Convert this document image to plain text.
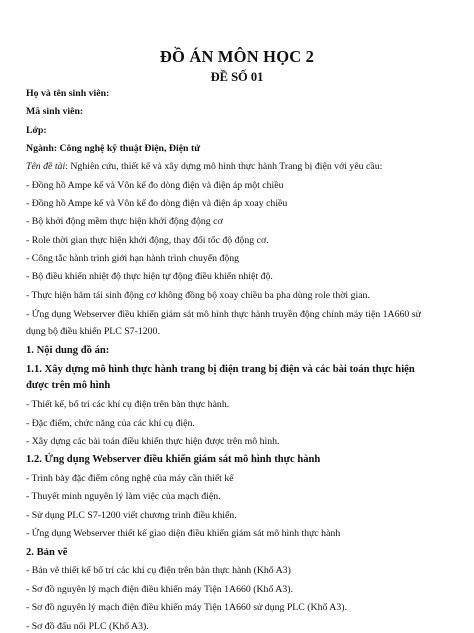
ĐỒ ÁN MÔN HỌC 2
ĐỀ SỐ 01
Họ và tên sinh viên:
Mã sinh viên:
Lớp:
Ngành: Công nghệ kỹ thuật Điện, Điện tử
Tên đề tài: Nghiên cứu, thiết kế và xây dựng mô hình thực hành Trang bị điện với yêu cầu:
- Đồng hồ Ampe kế và Vôn kế đo dòng điện và điện áp một chiều
- Đồng hồ Ampe kế và Vôn kế đo dòng điện và điện áp xoay chiều
- Bộ khởi động mềm thực hiện khởi động động cơ
- Role thời gian thực hiện khởi động, thay đổi tốc độ động cơ.
- Công tắc hành trình giới hạn hành trình chuyển động
- Bộ điều khiển nhiệt độ thực hiện tự động điều khiển nhiệt độ.
- Thực hiện hãm tái sinh động cơ không đồng bộ xoay chiều ba pha dùng role thời gian.
- Ứng dụng Webserver điều khiển giám sát mô hình thực hành truyền động chính máy tiện 1A660 sử dụng bộ điều khiển PLC S7-1200.
1. Nội dung đồ án:
1.1. Xây dựng mô hình thực hành trang bị điện trang bị điện và các bài toán thực hiện được trên mô hình
- Thiết kế, bố trí các khí cụ điện trên bàn thực hành.
- Đặc điểm, chức năng của các khí cụ điện.
- Xây dựng các bài toán điều khiển thực hiện được trên mô hình.
1.2. Ứng dụng Webserver điều khiển giám sát mô hình thực hành
- Trình bày đặc điểm công nghệ của máy cần thiết kế
- Thuyết minh nguyên lý làm việc của mạch điện.
- Sử dụng PLC S7-1200 viết chương trình điều khiển.
- Ứng dụng Webserver thiết kế giao diện điều khiển giám sát mô hình thực hành
2. Bản vẽ
- Bản vẽ thiết kế bố trí các khí cụ điện trên bàn thực hành (Khổ A3)
- Sơ đồ nguyên lý mạch điện điều khiển máy Tiện 1A660 (Khổ A3).
- Sơ đồ nguyên lý mạch điện điều khiển máy Tiện 1A660 sử dụng PLC (Khổ A3).
- Sơ đồ đấu nối PLC (Khổ A3).
